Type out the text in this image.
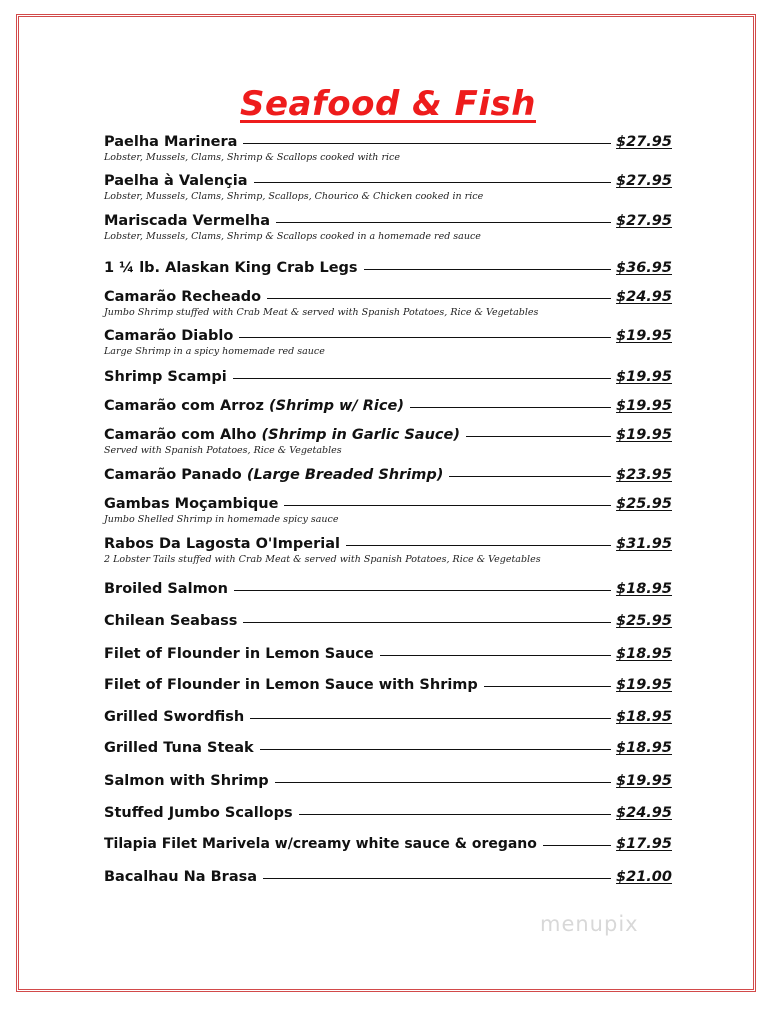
Seafood & Fish
Paelha Marinera	$27.95
Lobster, Mussels, Clams, Shrimp & Scallops cooked with rice
Paelha à Valençia	$27.95
Lobster, Mussels, Clams, Shrimp, Scallops, Chourico & Chicken cooked in rice
Mariscada Vermelha	$27.95
Lobster, Mussels, Clams, Shrimp & Scallops cooked in a homemade red sauce
1 ¼ lb. Alaskan King Crab Legs	$36.95
Camarão Recheado	$24.95
Jumbo Shrimp stuffed with Crab Meat & served with Spanish Potatoes, Rice & Vegetables
Camarão Diablo	$19.95
Large Shrimp in a spicy homemade red sauce
Shrimp Scampi	$19.95
Camarão com Arroz (Shrimp w/ Rice)	$19.95
Camarão com Alho (Shrimp in Garlic Sauce)	$19.95
Served with Spanish Potatoes, Rice & Vegetables
Camarão Panado (Large Breaded Shrimp)	$23.95
Gambas Moçambique	$25.95
Jumbo Shelled Shrimp in homemade spicy sauce
Rabos Da Lagosta O'Imperial	$31.95
2 Lobster Tails stuffed with Crab Meat & served with Spanish Potatoes, Rice & Vegetables
Broiled Salmon	$18.95
Chilean Seabass	$25.95
Filet of Flounder in Lemon Sauce	$18.95
Filet of Flounder in Lemon Sauce with Shrimp	$19.95
Grilled Swordfish	$18.95
Grilled Tuna Steak	$18.95
Salmon with Shrimp	$19.95
Stuffed Jumbo Scallops	$24.95
Tilapia Filet Marivela w/creamy white sauce & oregano	$17.95
Bacalhau Na Brasa	$21.00
menupix
